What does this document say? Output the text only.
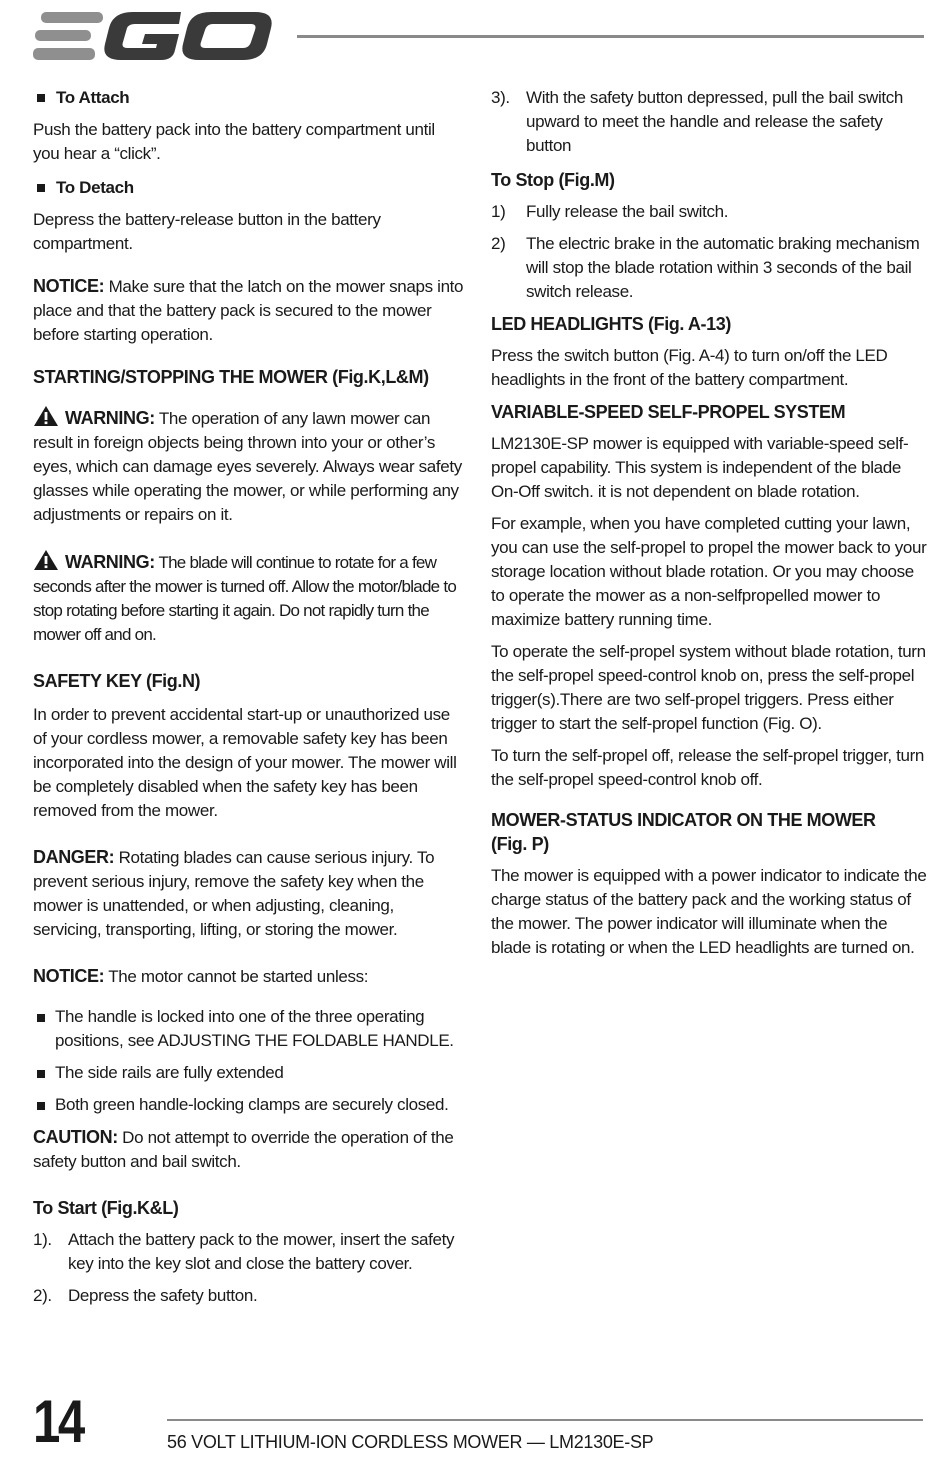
To Attach

Push the battery pack into the battery compartment until you hear a “click”.

To Detach

Depress the battery-release button in the battery compartment.

NOTICE: Make sure that the latch on the mower snaps into place and that the battery pack is secured to the mower before starting operation.

STARTING/STOPPING THE MOWER (Fig.K,L&M)

WARNING: The operation of any lawn mower can result in foreign objects being thrown into your or other’s eyes, which can damage eyes severely. Always wear safety glasses while operating the mower, or while performing any adjustments or repairs on it.

WARNING: The blade will continue to rotate for a few seconds after the mower is turned off. Allow the motor/blade to stop rotating before starting it again. Do not rapidly turn the mower off and on.

SAFETY KEY (Fig.N)

In order to prevent accidental start-up or unauthorized use of your cordless mower, a removable safety key has been incorporated into the design of your mower. The mower will be completely disabled when the safety key has been removed from the mower.

DANGER: Rotating blades can cause serious injury. To prevent serious injury, remove the safety key when the mower is unattended, or when adjusting, cleaning, servicing, transporting, lifting, or storing the mower.

NOTICE: The motor cannot be started unless:

The handle is locked into one of the three operating positions, see ADJUSTING THE FOLDABLE HANDLE.
The side rails are fully extended
Both green handle-locking clamps are securely closed.

CAUTION: Do not attempt to override the operation of the safety button and bail switch.

To Start (Fig.K&L)
1). Attach the battery pack to the mower, insert the safety key into the key slot and close the battery cover.
2). Depress the safety button.
3). With the safety button depressed, pull the bail switch upward to meet the handle and release the safety button
To Stop (Fig.M)
1)	Fully release the bail switch.
2)	The electric brake in the automatic braking mechanism will stop the blade rotation within 3 seconds of the bail switch release.
LED HEADLIGHTS (Fig. A-13)

Press the switch button (Fig. A-4) to turn on/off the LED headlights in the front of the battery compartment.

VARIABLE-SPEED SELF-PROPEL SYSTEM

LM2130E-SP mower is equipped with variable-speed self-propel capability. This system is independent of the blade On-Off switch. it is not dependent on blade rotation.

For example, when you have completed cutting your lawn, you can use the self-propel to propel the mower back to your storage location without blade rotation. Or you may choose to operate the mower as a non-selfpropelled mower to maximize battery running time.

To operate the self-propel system without blade rotation, turn the self-propel speed-control knob on, press the self-propel trigger(s).There are two self-propel triggers. Press either trigger to start the self-propel function (Fig. O).

To turn the self-propel off, release the self-propel trigger, turn the self-propel speed-control knob off.

MOWER-STATUS INDICATOR ON THE MOWER
(Fig. P)

The mower is equipped with a power indicator to indicate the charge status of the battery pack and the working status of the mower. The power indicator will illuminate when the blade is rotating or when the LED headlights are turned on.

14	56 VOLT LITHIUM-ION CORDLESS MOWER — LM2130E-SP
